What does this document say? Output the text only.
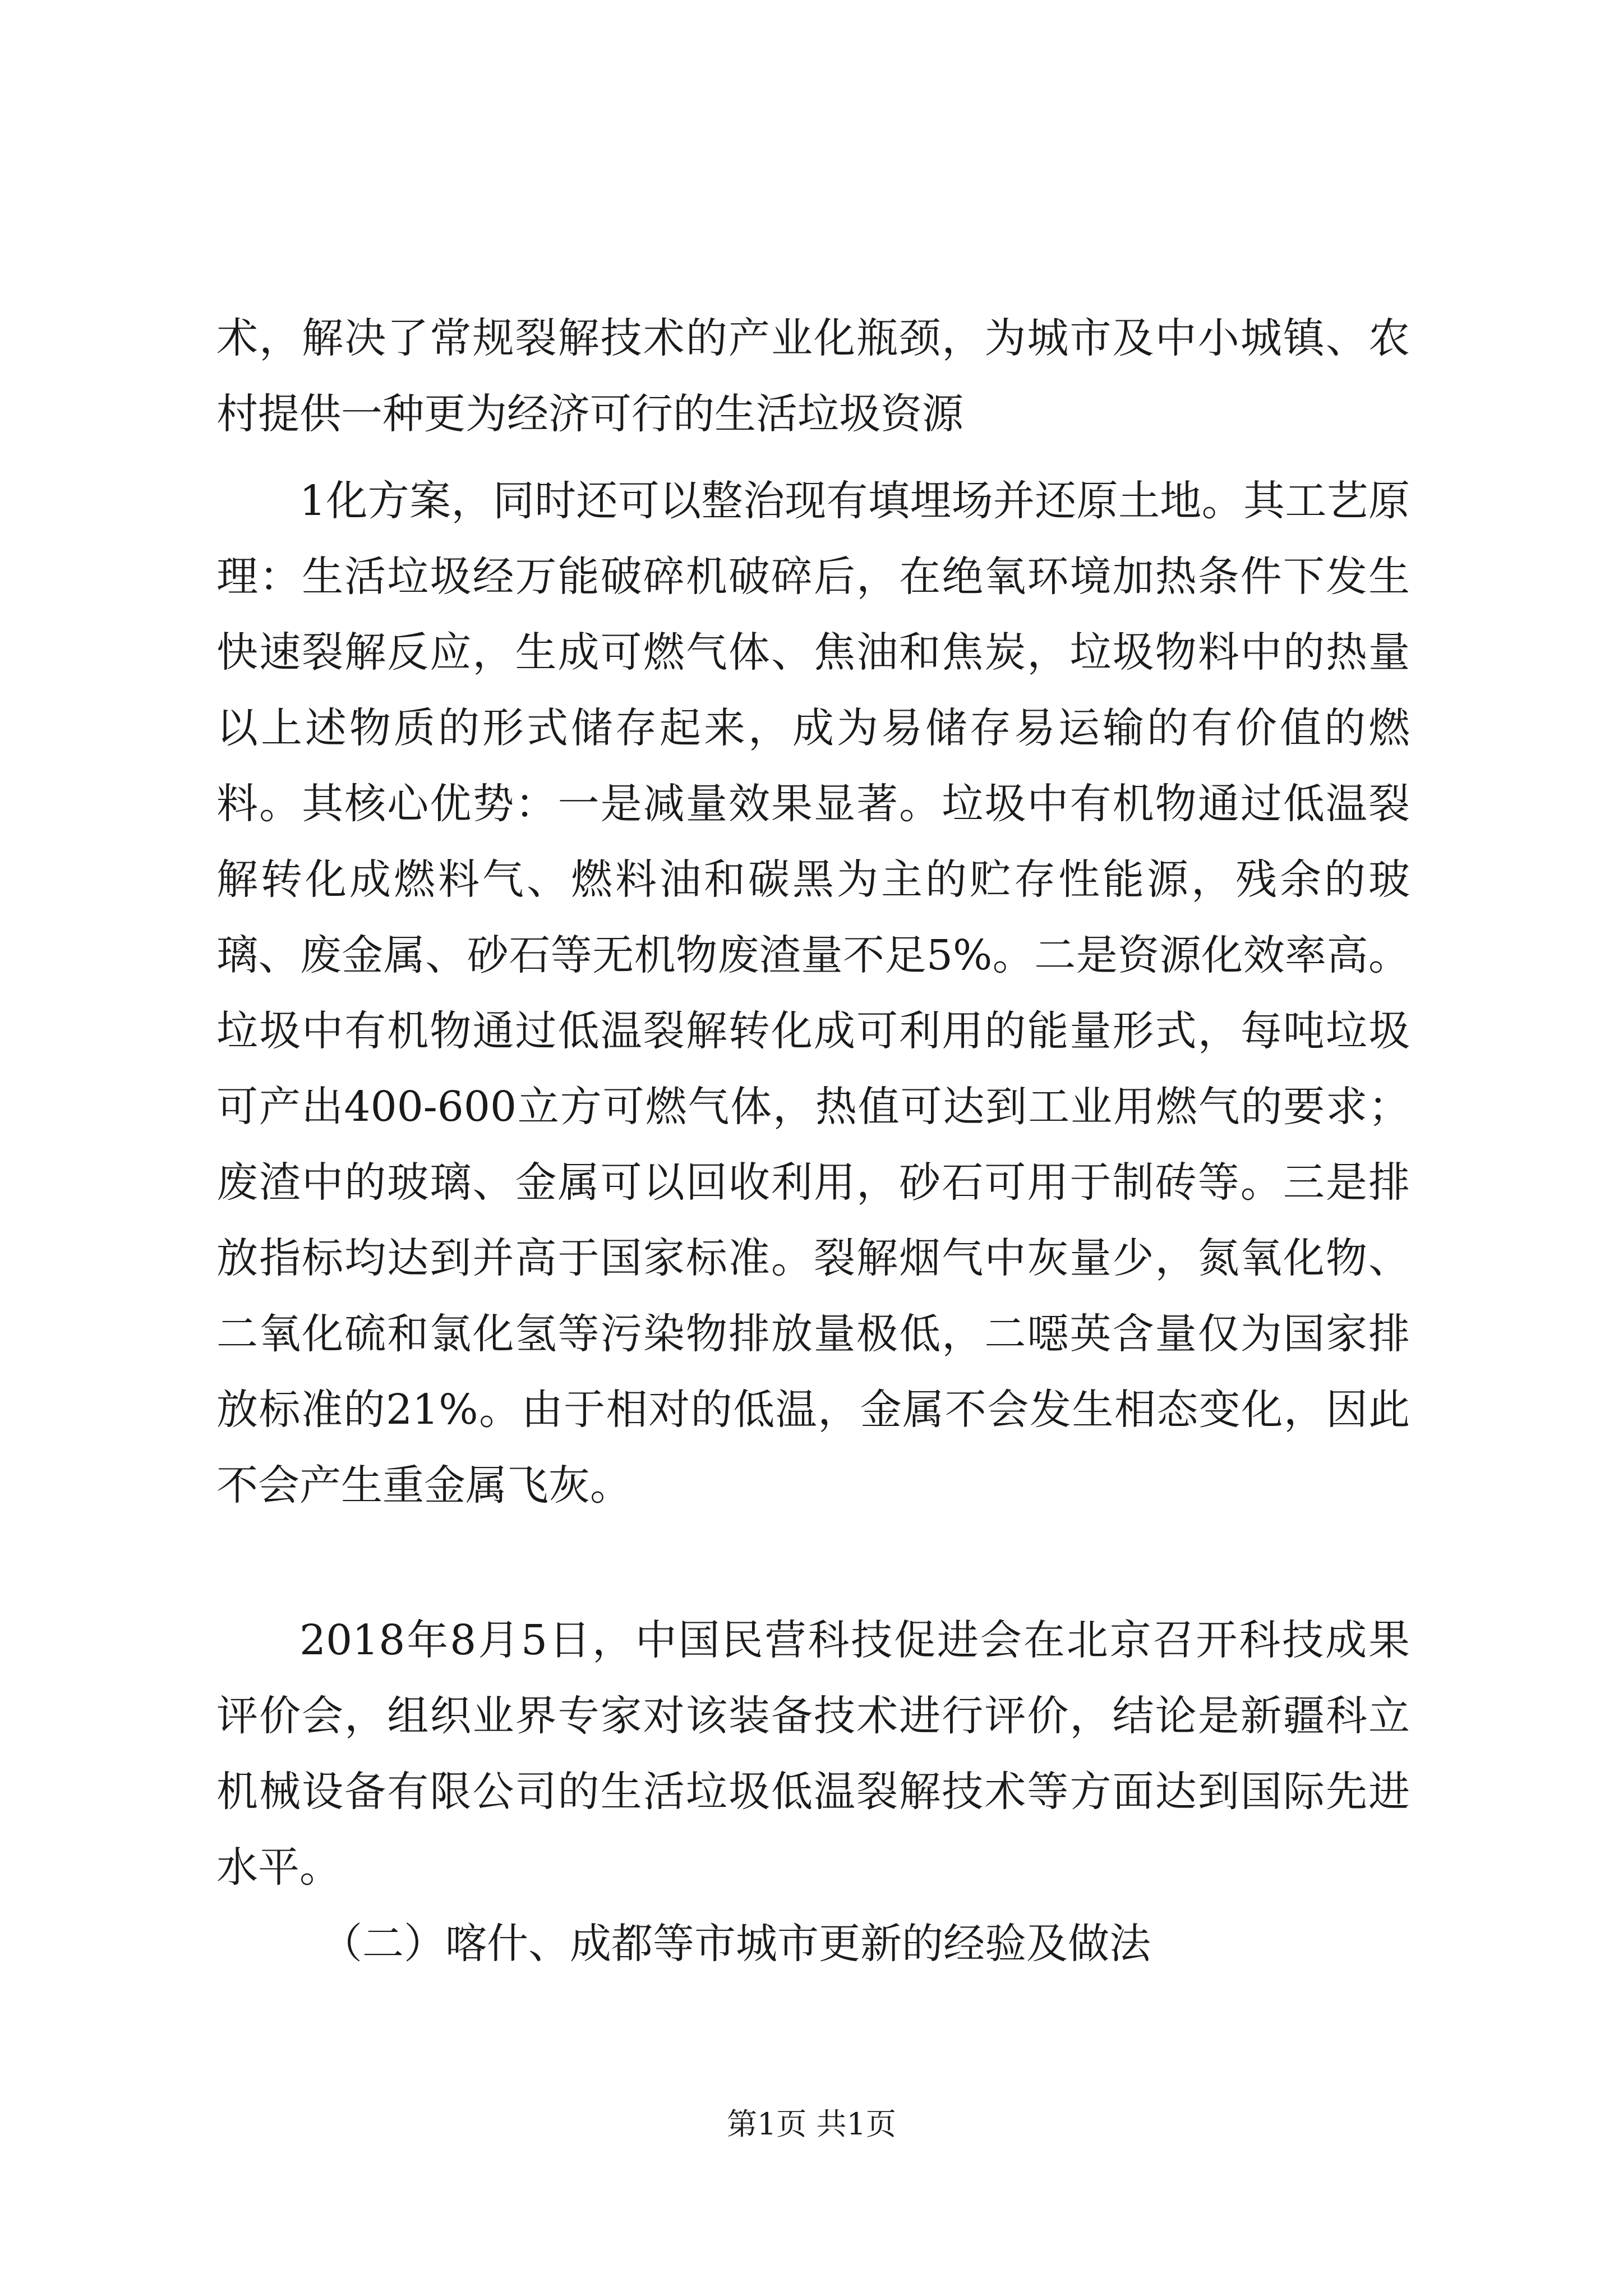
术，解决了常规裂解技术的产业化瓶颈，为城市及中小城镇、农村提供一种更为经济可行的生活垃圾资源

1化方案，同时还可以整治现有填埋场并还原土地。其工艺原理：生活垃圾经万能破碎机破碎后，在绝氧环境加热条件下发生快速裂解反应，生成可燃气体、焦油和焦炭，垃圾物料中的热量以上述物质的形式储存起来，成为易储存易运输的有价值的燃料。其核心优势：一是减量效果显著。垃圾中有机物通过低温裂解转化成燃料气、燃料油和碳黑为主的贮存性能源，残余的玻璃、废金属、砂石等无机物废渣量不足5%。二是资源化效率高。垃圾中有机物通过低温裂解转化成可利用的能量形式，每吨垃圾可产出400-600立方可燃气体，热值可达到工业用燃气的要求；废渣中的玻璃、金属可以回收利用，砂石可用于制砖等。三是排放指标均达到并高于国家标准。裂解烟气中灰量少，氮氧化物、二氧化硫和氯化氢等污染物排放量极低，二噁英含量仅为国家排放标准的21%。由于相对的低温，金属不会发生相态变化，因此不会产生重金属飞灰。

2018年8月5日，中国民营科技促进会在北京召开科技成果评价会，组织业界专家对该装备技术进行评价，结论是新疆科立机械设备有限公司的生活垃圾低温裂解技术等方面达到国际先进水平。

（二）喀什、成都等市城市更新的经验及做法

第1页 共1页
